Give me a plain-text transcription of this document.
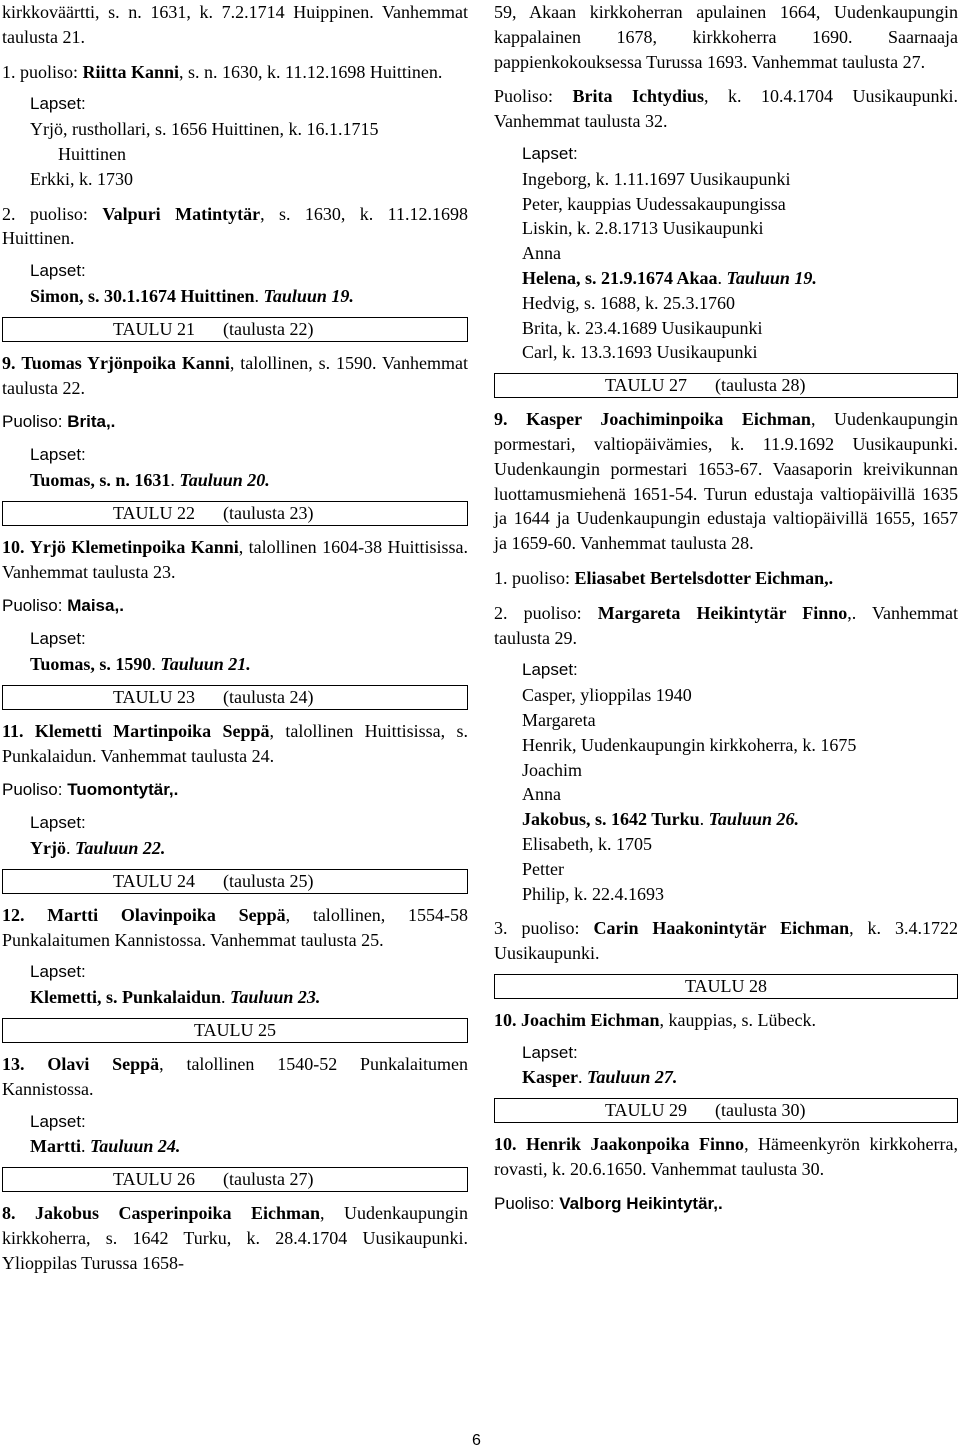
kirkkoväärtti, s. n. 1631, k. 7.2.1714 Huippinen. Vanhemmat taulusta 21.

1. puoliso: Riitta Kanni, s. n. 1630, k. 11.12.1698 Huittinen.

Lapset:
Yrjö, rusthollari, s. 1656 Huittinen, k. 16.1.1715
Huittinen
Erkki, k. 1730

2. puoliso: Valpuri Matintytär, s. 1630, k. 11.12.1698 Huittinen.

Lapset:
Simon, s. 30.1.1674 Huittinen. Tauluun 19.
TAULU 21 (taulusta 22)

9. Tuomas Yrjönpoika Kanni, talollinen, s. 1590. Vanhemmat taulusta 22.

Puoliso: Brita,.

Lapset:
Tuomas, s. n. 1631. Tauluun 20.
TAULU 22 (taulusta 23)

10. Yrjö Klemetinpoika Kanni, talollinen 1604-38 Huittisissa. Vanhemmat taulusta 23.

Puoliso: Maisa,.

Lapset:
Tuomas, s. 1590. Tauluun 21.
TAULU 23 (taulusta 24)

11. Klemetti Martinpoika Seppä, talollinen Huittisissa, s. Punkalaidun. Vanhemmat taulusta 24.

Puoliso: Tuomontytär,.

Lapset:
Yrjö. Tauluun 22.
TAULU 24 (taulusta 25)

12. Martti Olavinpoika Seppä, talollinen, 1554-58 Punkalaitumen Kannistossa. Vanhemmat taulusta 25.

Lapset:
Klemetti, s. Punkalaidun. Tauluun 23.
TAULU 25

13. Olavi Seppä, talollinen 1540-52 Punkalaitumen Kannistossa.

Lapset:
Martti. Tauluun 24.
TAULU 26 (taulusta 27)

8. Jakobus Casperinpoika Eichman, Uudenkaupungin kirkkoherra, s. 1642 Turku, k. 28.4.1704 Uusikaupunki. Ylioppilas Turussa 1658-

59, Akaan kirkkoherran apulainen 1664, Uudenkaupungin kappalainen 1678, kirkkoherra 1690. Saarnaaja pappienkokouksessa Turussa 1693. Vanhemmat taulusta 27.

Puoliso: Brita Ichtydius, k. 10.4.1704 Uusikaupunki. Vanhemmat taulusta 32.

Lapset:
Ingeborg, k. 1.11.1697 Uusikaupunki
Peter, kauppias Uudessakaupungissa
Liskin, k. 2.8.1713 Uusikaupunki
Anna
Helena, s. 21.9.1674 Akaa. Tauluun 19.
Hedvig, s. 1688, k. 25.3.1760
Brita, k. 23.4.1689 Uusikaupunki
Carl, k. 13.3.1693 Uusikaupunki
TAULU 27 (taulusta 28)

9. Kasper Joachiminpoika Eichman, Uudenkaupungin pormestari, valtiopäivämies, k. 11.9.1692 Uusikaupunki. Uudenkaungin pormestari 1653-67. Vaasaporin kreivikunnan luottamusmiehenä 1651-54. Turun edustaja valtiopäivillä 1635 ja 1644 ja Uudenkaupungin edustaja valtiopäivillä 1655, 1657 ja 1659-60. Vanhemmat taulusta 28.

1. puoliso: Eliasabet Bertelsdotter Eichman,.

2. puoliso: Margareta Heikintytär Finno,. Vanhemmat taulusta 29.

Lapset:
Casper, ylioppilas 1940
Margareta
Henrik, Uudenkaupungin kirkkoherra, k. 1675
Joachim
Anna
Jakobus, s. 1642 Turku. Tauluun 26.
Elisabeth, k. 1705
Petter
Philip, k. 22.4.1693

3. puoliso: Carin Haakonintytär Eichman, k. 3.4.1722 Uusikaupunki.

TAULU 28

10. Joachim Eichman, kauppias, s. Lübeck.

Lapset:
Kasper. Tauluun 27.
TAULU 29 (taulusta 30)

10. Henrik Jaakonpoika Finno, Hämeenkyrön kirkkoherra, rovasti, k. 20.6.1650. Vanhemmat taulusta 30.

Puoliso: Valborg Heikintytär,.

6
